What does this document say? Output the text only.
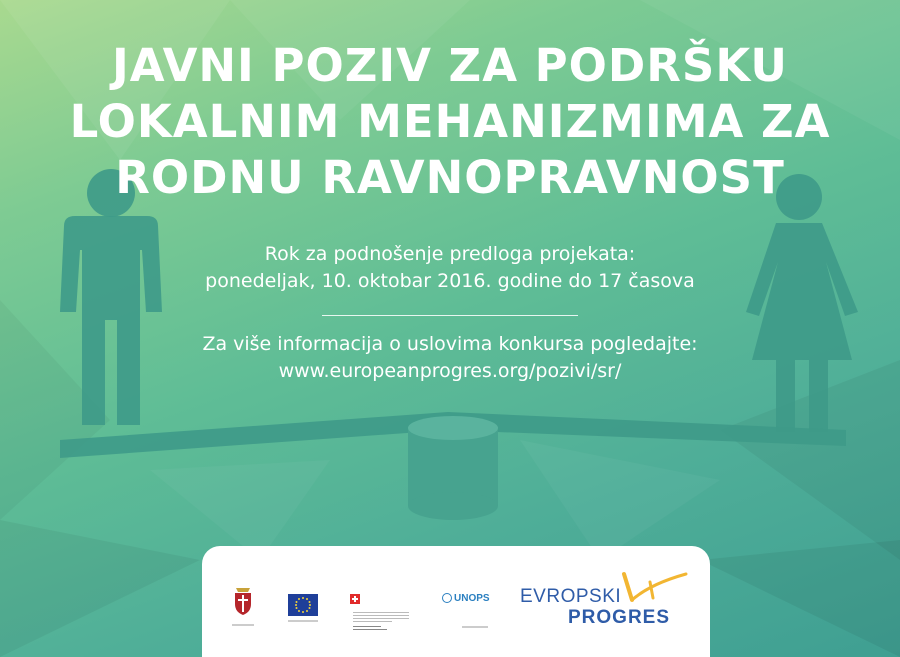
JAVNI POZIV ZA PODRŠKU
LOKALNIM MEHANIZMIMA ZA
RODNU RAVNOPRAVNOST
Rok za podnošenje predloga projekata:
ponedeljak, 10. oktobar 2016. godine do 17 časova
Za više informacija o uslovima konkursa pogledajte:
www.europeanprogres.org/pozivi/sr/

UNOPS EVROPSKI
PROGRES
